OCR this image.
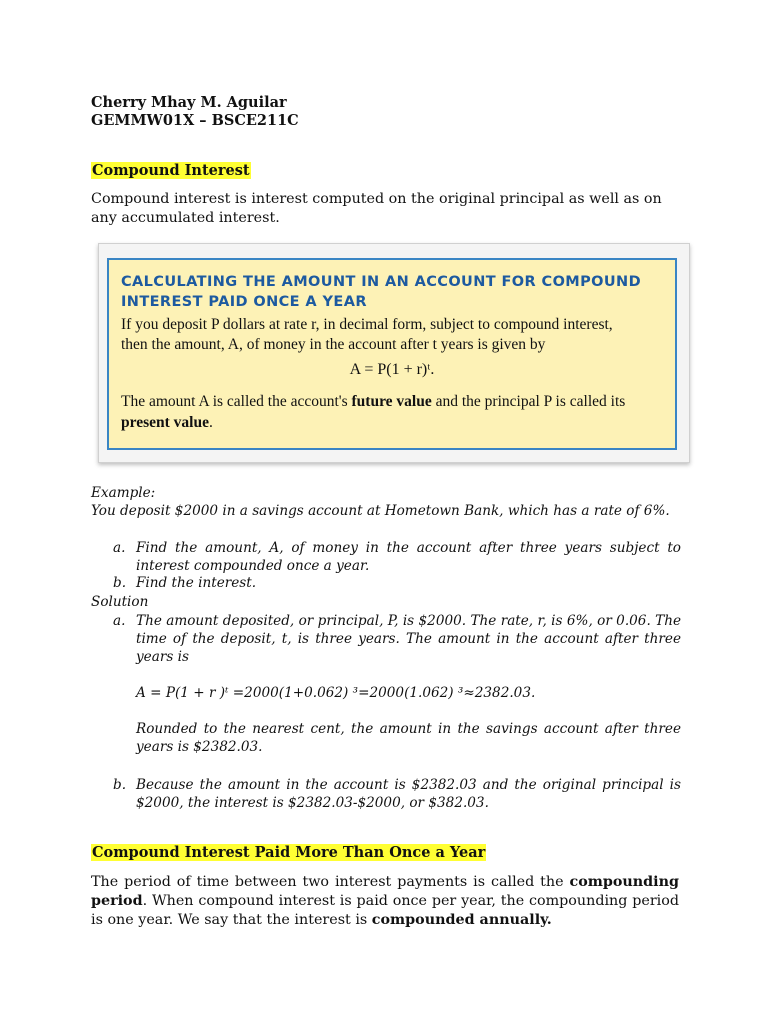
Cherry Mhay M. Aguilar
GEMMW01X – BSCE211C
Compound Interest
Compound interest is interest computed on the original principal as well as on any accumulated interest.
CALCULATING THE AMOUNT IN AN ACCOUNT FOR COMPOUND
INTEREST PAID ONCE A YEAR
If you deposit P dollars at rate r, in decimal form, subject to compound interest,
then the amount, A, of money in the account after t years is given by
A = P(1 + r)ᵗ.
The amount A is called the account's future value and the principal P is called its
present value.
Example:
You deposit $2000 in a savings account at Hometown Bank, which has a rate of 6%.
a. Find the amount, A, of money in the account after three years subject to interest compounded once a year.
b. Find the interest.
Solution
a. The amount deposited, or principal, P, is $2000. The rate, r, is 6%, or 0.06. The time of the deposit, t, is three years. The amount in the account after three years is
A = P(1 + r )ᵗ =2000(1+0.062) ³=2000(1.062) ³≈2382.03.
Rounded to the nearest cent, the amount in the savings account after three years is $2382.03.
b. Because the amount in the account is $2382.03 and the original principal is $2000, the interest is $2382.03-$2000, or $382.03.
Compound Interest Paid More Than Once a Year
The period of time between two interest payments is called the compounding period. When compound interest is paid once per year, the compounding period is one year. We say that the interest is compounded annually.
